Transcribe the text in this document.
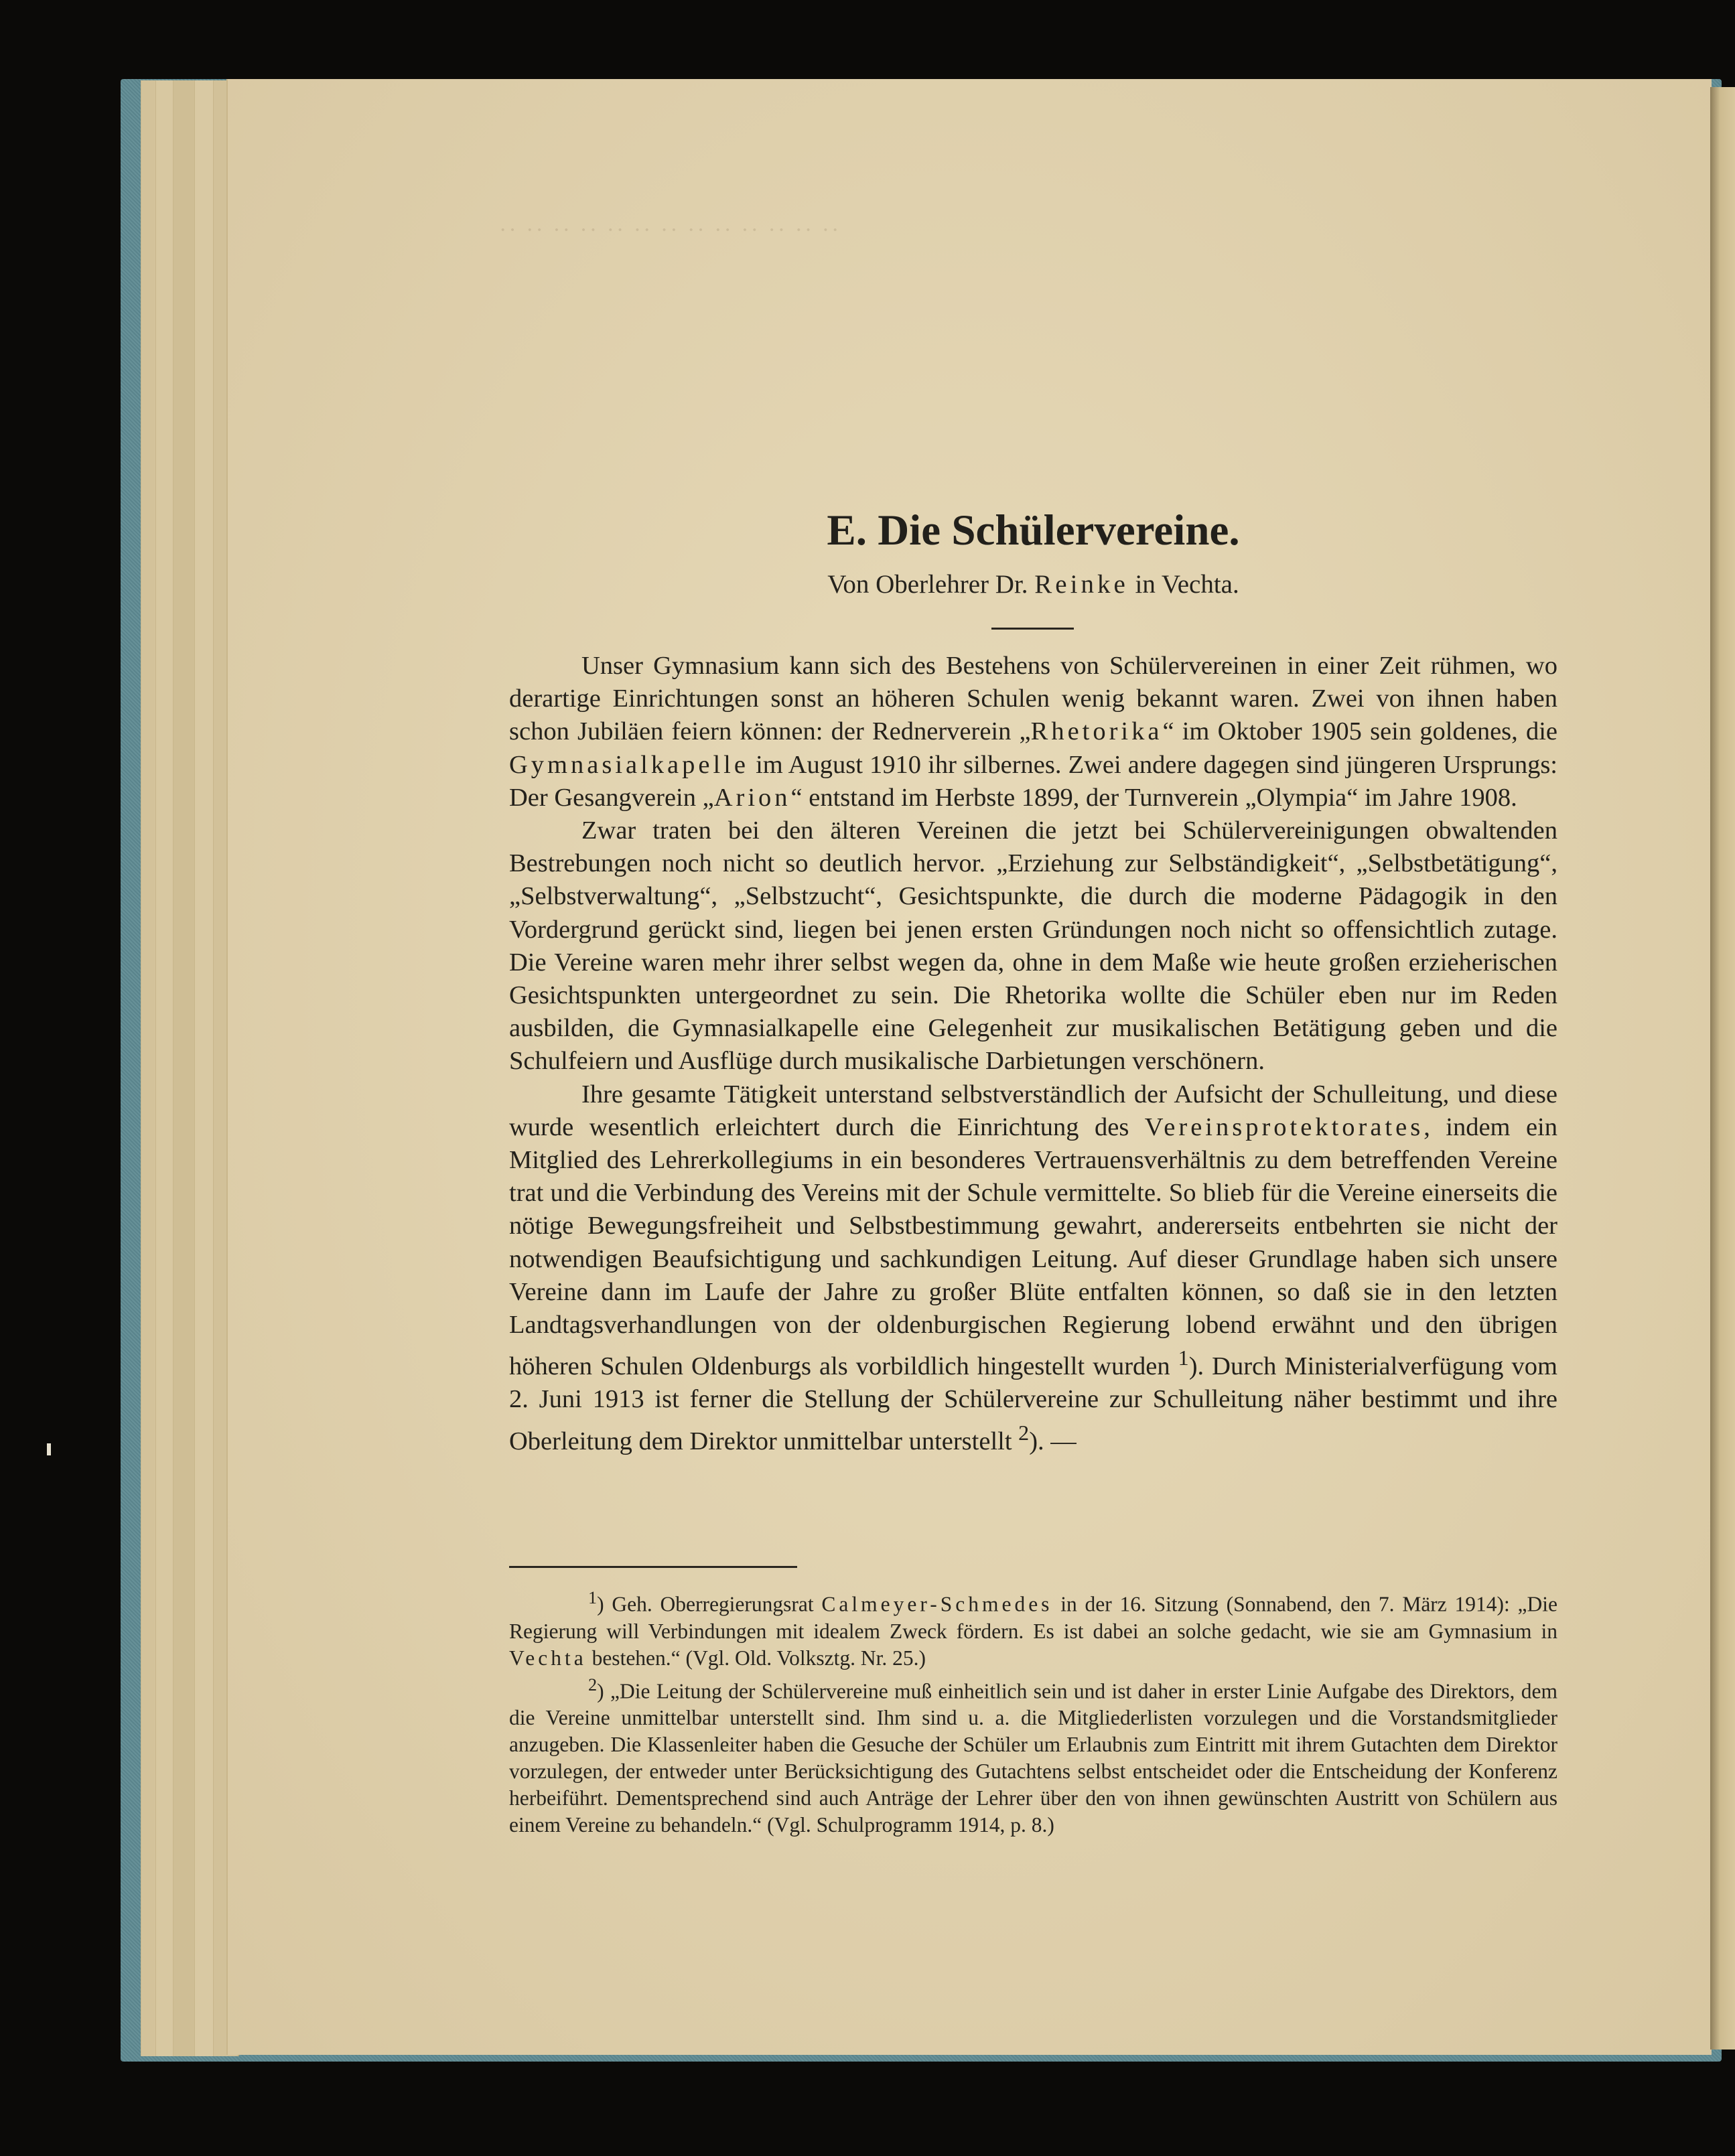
·· ·· ·· ·· ·· ·· ·· ·· ·· ·· ·· ·· ··
E. Die Schülervereine.
Von Oberlehrer Dr. Reinke in Vechta.

Unser Gymnasium kann sich des Bestehens von Schülervereinen in einer Zeit rühmen, wo derartige Einrichtungen sonst an höheren Schulen wenig bekannt waren. Zwei von ihnen haben schon Jubiläen feiern können: der Rednerverein „Rhetorika“ im Oktober 1905 sein goldenes, die Gymnasialkapelle im August 1910 ihr silbernes. Zwei andere dagegen sind jüngeren Ursprungs: Der Gesangverein „Arion“ entstand im Herbste 1899, der Turnverein „Olympia“ im Jahre 1908.

Zwar traten bei den älteren Vereinen die jetzt bei Schülervereinigungen obwaltenden Bestrebungen noch nicht so deutlich hervor. „Erziehung zur Selbständigkeit“, „Selbstbetätigung“, „Selbstverwaltung“, „Selbstzucht“, Gesichtspunkte, die durch die moderne Pädagogik in den Vordergrund gerückt sind, liegen bei jenen ersten Gründungen noch nicht so offensichtlich zutage. Die Vereine waren mehr ihrer selbst wegen da, ohne in dem Maße wie heute großen erzieherischen Gesichtspunkten untergeordnet zu sein. Die Rhetorika wollte die Schüler eben nur im Reden ausbilden, die Gymnasialkapelle eine Gelegenheit zur musikalischen Betätigung geben und die Schulfeiern und Ausflüge durch musikalische Darbietungen verschönern.

Ihre gesamte Tätigkeit unterstand selbstverständlich der Aufsicht der Schulleitung, und diese wurde wesentlich erleichtert durch die Einrichtung des Vereinsprotektorates, indem ein Mitglied des Lehrerkollegiums in ein besonderes Vertrauensverhältnis zu dem betreffenden Vereine trat und die Verbindung des Vereins mit der Schule vermittelte. So blieb für die Vereine einerseits die nötige Bewegungsfreiheit und Selbstbestimmung gewahrt, andererseits entbehrten sie nicht der notwendigen Beaufsichtigung und sachkundigen Leitung. Auf dieser Grundlage haben sich unsere Vereine dann im Laufe der Jahre zu großer Blüte entfalten können, so daß sie in den letzten Landtagsverhandlungen von der oldenburgischen Regierung lobend erwähnt und den übrigen höheren Schulen Oldenburgs als vorbildlich hingestellt wurden $^1$). Durch Ministerialverfügung vom 2. Juni 1913 ist ferner die Stellung der Schülervereine zur Schulleitung näher bestimmt und ihre Oberleitung dem Direktor unmittelbar unterstellt $^2$). —

$^1$) Geh. Oberregierungsrat Calmeyer-Schmedes in der 16. Sitzung (Sonnabend, den 7. März 1914): „Die Regierung will Verbindungen mit idealem Zweck fördern. Es ist dabei an solche gedacht, wie sie am Gymnasium in Vechta bestehen.“ (Vgl. Old. Volksztg. Nr. 25.)

$^2$) „Die Leitung der Schülervereine muß einheitlich sein und ist daher in erster Linie Aufgabe des Direktors, dem die Vereine unmittelbar unterstellt sind. Ihm sind u. a. die Mitgliederlisten vorzulegen und die Vorstandsmitglieder anzugeben. Die Klassenleiter haben die Gesuche der Schüler um Erlaubnis zum Eintritt mit ihrem Gutachten dem Direktor vorzulegen, der entweder unter Berücksichtigung des Gutachtens selbst entscheidet oder die Entscheidung der Konferenz herbeiführt. Dementsprechend sind auch Anträge der Lehrer über den von ihnen gewünschten Austritt von Schülern aus einem Vereine zu behandeln.“ (Vgl. Schulprogramm 1914, p. 8.)
